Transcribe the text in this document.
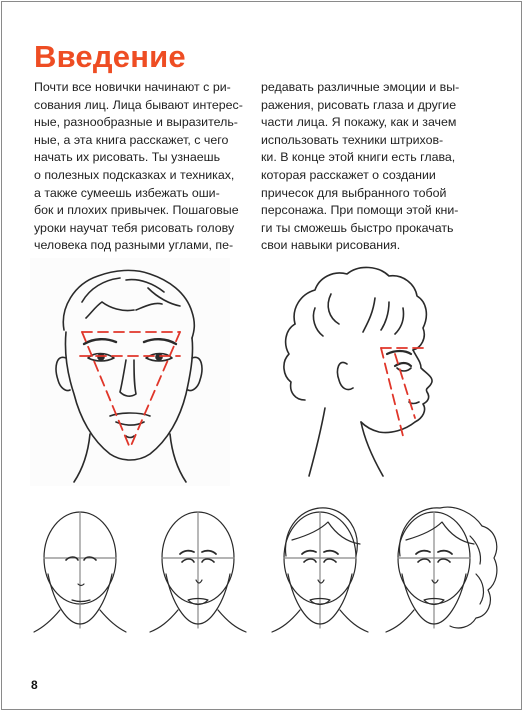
Введение
Почти все новички начинают с ри-
сования лиц. Лица бывают интерес-
ные, разнообразные и выразитель-
ные, а эта книга расскажет, с чего
начать их рисовать. Ты узнаешь
о полезных подсказках и техниках,
а также сумеешь избежать оши-
бок и плохих привычек. Пошаговые
уроки научат тебя рисовать голову
человека под разными углами, пе-
редавать различные эмоции и вы-
ражения, рисовать глаза и другие
части лица. Я покажу, как и зачем
использовать техники штрихов-
ки. В конце этой книги есть глава,
которая расскажет о создании
причесок для выбранного тобой
персонажа. При помощи этой кни-
ги ты сможешь быстро прокачать
свои навыки рисования.
8
